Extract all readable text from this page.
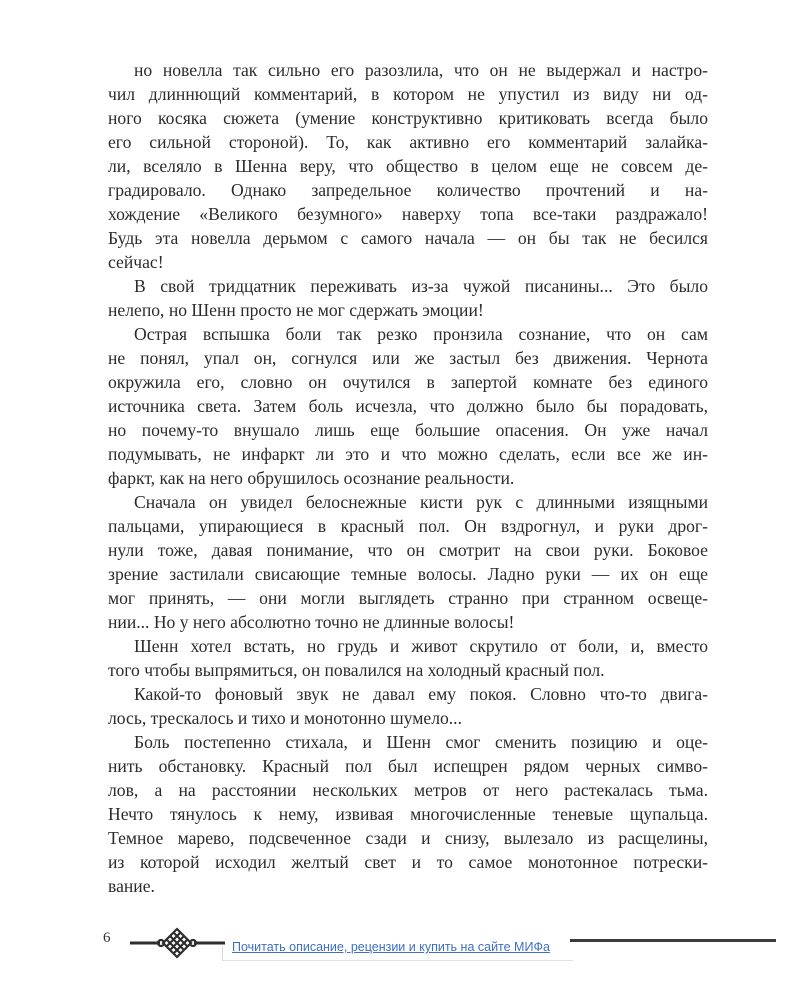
но новелла так сильно его разозлила, что он не выдержал и настро-
чил длиннющий комментарий, в котором не упустил из виду ни од-
ного косяка сюжета (умение конструктивно критиковать всегда было
его сильной стороной). То, как активно его комментарий залайка-
ли, вселяло в Шенна веру, что общество в целом еще не совсем де-
градировало. Однако запредельное количество прочтений и на-
хождение «Великого безумного» наверху топа все-таки раздражало!
Будь эта новелла дерьмом с самого начала — он бы так не бесился
сейчас!

В свой тридцатник переживать из-за чужой писанины... Это было
нелепо, но Шенн просто не мог сдержать эмоции!

Острая вспышка боли так резко пронзила сознание, что он сам
не понял, упал он, согнулся или же застыл без движения. Чернота
окружила его, словно он очутился в запертой комнате без единого
источника света. Затем боль исчезла, что должно было бы порадовать,
но почему-то внушало лишь еще большие опасения. Он уже начал
подумывать, не инфаркт ли это и что можно сделать, если все же ин-
фаркт, как на него обрушилось осознание реальности.

Сначала он увидел белоснежные кисти рук с длинными изящными
пальцами, упирающиеся в красный пол. Он вздрогнул, и руки дрог-
нули тоже, давая понимание, что он смотрит на свои руки. Боковое
зрение застилали свисающие темные волосы. Ладно руки — их он еще
мог принять, — они могли выглядеть странно при странном освеще-
нии... Но у него абсолютно точно не длинные волосы!

Шенн хотел встать, но грудь и живот скрутило от боли, и, вместо
того чтобы выпрямиться, он повалился на холодный красный пол.

Какой-то фоновый звук не давал ему покоя. Словно что-то двига-
лось, трескалось и тихо и монотонно шумело...

Боль постепенно стихала, и Шенн смог сменить позицию и оце-
нить обстановку. Красный пол был испещрен рядом черных симво-
лов, а на расстоянии нескольких метров от него растекалась тьма.
Нечто тянулось к нему, извивая многочисленные теневые щупальца.
Темное марево, подсвеченное сзади и снизу, вылезало из расщелины,
из которой исходил желтый свет и то самое монотонное потрески-
вание.

6
Почитать описание, рецензии и купить на сайте МИФа
